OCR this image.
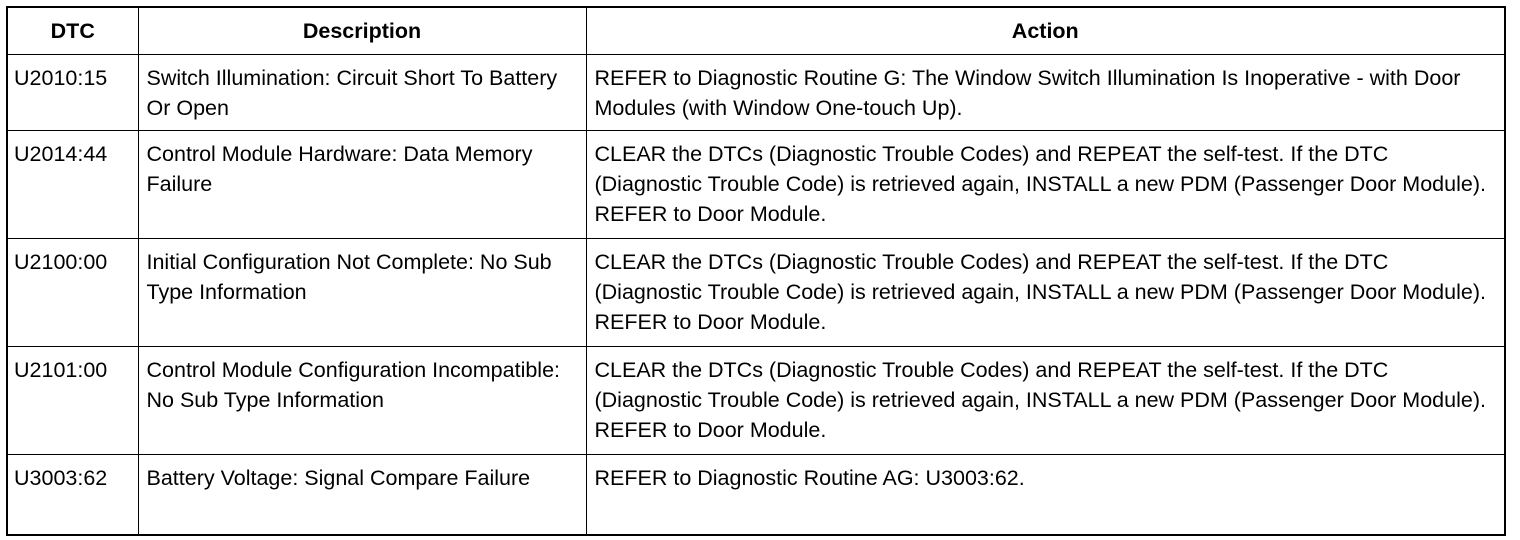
DTC	Description	Action
U2010:15	Switch Illumination: Circuit Short To Battery Or Open	REFER to Diagnostic Routine G: The Window Switch Illumination Is Inoperative - with Door Modules (with Window One-touch Up).
U2014:44	Control Module Hardware: Data Memory Failure	CLEAR the DTCs (Diagnostic Trouble Codes) and REPEAT the self-test. If the DTC (Diagnostic Trouble Code) is retrieved again, INSTALL a new PDM (Passenger Door Module). REFER to Door Module.
U2100:00	Initial Configuration Not Complete: No Sub Type Information	CLEAR the DTCs (Diagnostic Trouble Codes) and REPEAT the self-test. If the DTC (Diagnostic Trouble Code) is retrieved again, INSTALL a new PDM (Passenger Door Module). REFER to Door Module.
U2101:00	Control Module Configuration Incompatible: No Sub Type Information	CLEAR the DTCs (Diagnostic Trouble Codes) and REPEAT the self-test. If the DTC (Diagnostic Trouble Code) is retrieved again, INSTALL a new PDM (Passenger Door Module). REFER to Door Module.
U3003:62	Battery Voltage: Signal Compare Failure	REFER to Diagnostic Routine AG: U3003:62.
